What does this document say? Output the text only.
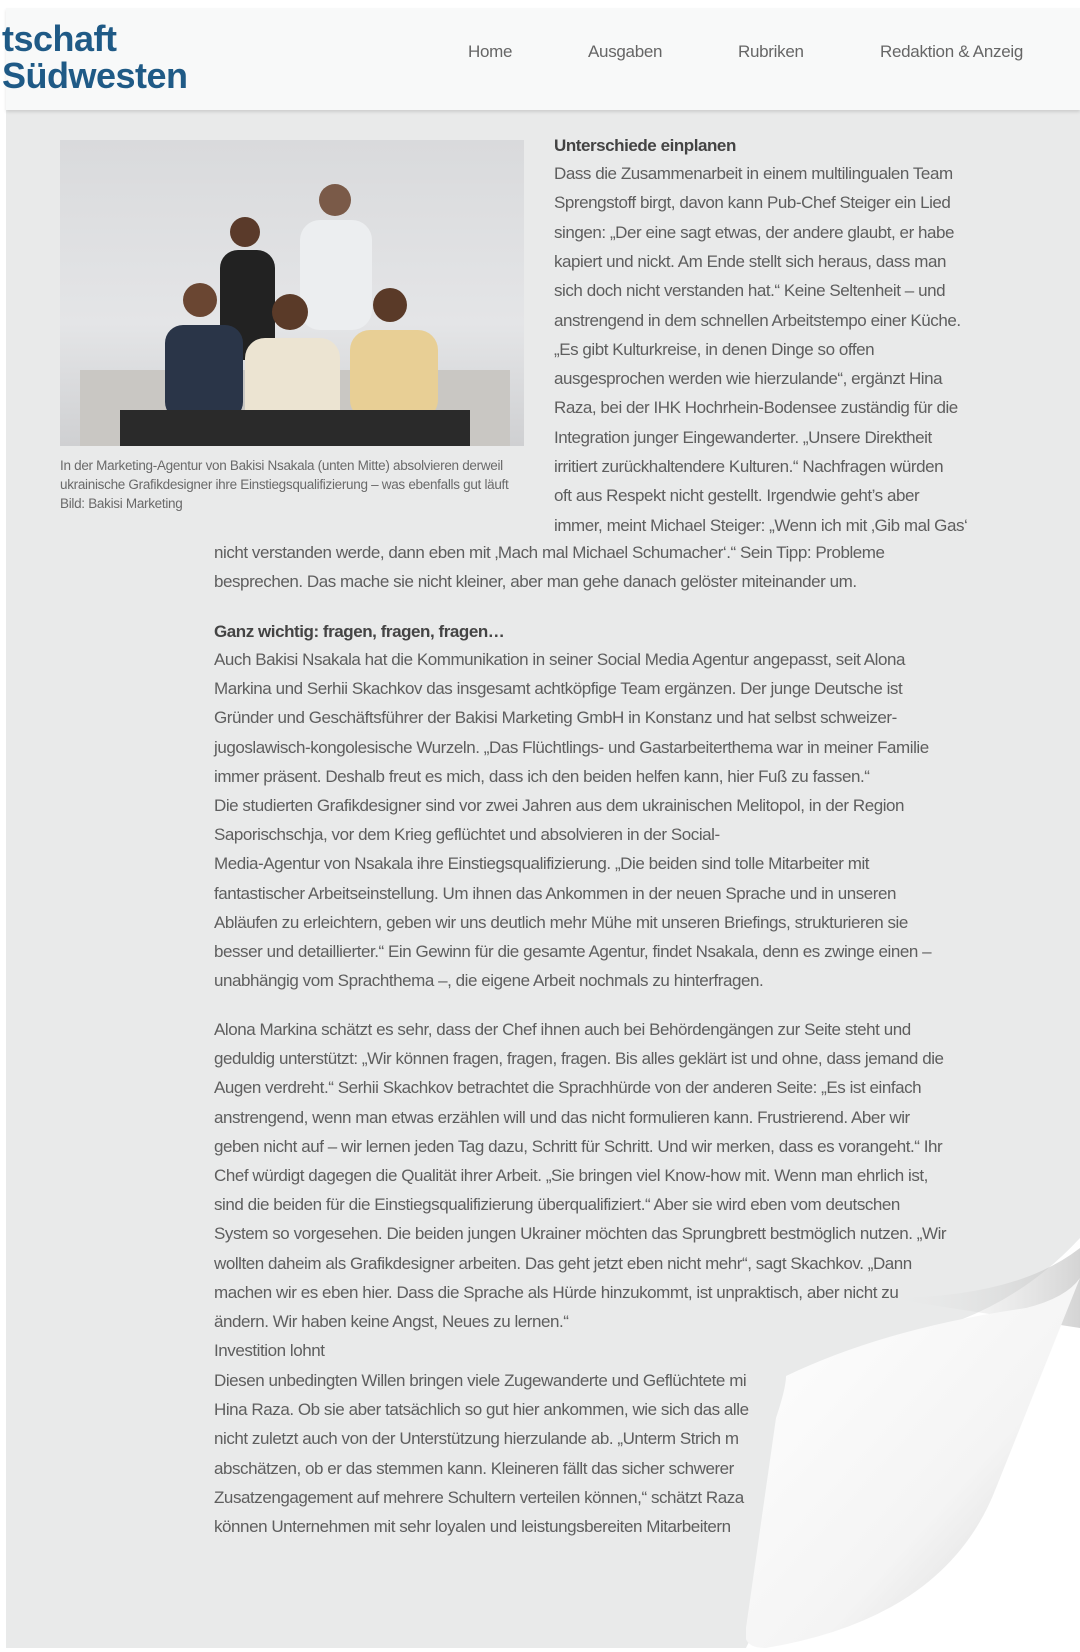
tschaft
Südwesten
Home	Ausgaben	Rubriken	Redaktion & Anzeig
In der Marketing-Agentur von Bakisi Nsakala (unten Mitte) absolvieren derweil ukrainische Grafikdesigner ihre Einstiegsqualifizierung – was ebenfalls gut läuft Bild: Bakisi Marketing
Unterschiede einplanen
Dass die Zusammenarbeit in einem multilingualen Team
Sprengstoff birgt, davon kann Pub-Chef Steiger ein Lied
singen: „Der eine sagt etwas, der andere glaubt, er habe
kapiert und nickt. Am Ende stellt sich heraus, dass man
sich doch nicht verstanden hat.“ Keine Seltenheit – und
anstrengend in dem schnellen Arbeitstempo einer Küche.
„Es gibt Kulturkreise, in denen Dinge so offen
ausgesprochen werden wie hierzulande“, ergänzt Hina
Raza, bei der IHK Hochrhein-Bodensee zuständig für die
Integration junger Eingewanderter. „Unsere Direktheit
irritiert zurückhaltendere Kulturen.“ Nachfragen würden
oft aus Respekt nicht gestellt. Irgendwie geht’s aber
immer, meint Michael Steiger: „Wenn ich mit ‚Gib mal Gas‘
nicht verstanden werde, dann eben mit ‚Mach mal Michael Schumacher‘.“ Sein Tipp: Probleme
besprechen. Das mache sie nicht kleiner, aber man gehe danach gelöster miteinander um.
Ganz wichtig: fragen, fragen, fragen…
Auch Bakisi Nsakala hat die Kommunikation in seiner Social Media Agentur angepasst, seit Alona
Markina und Serhii Skachkov das insgesamt achtköpfige Team ergänzen. Der junge Deutsche ist
Gründer und Geschäftsführer der Bakisi Marketing GmbH in Konstanz und hat selbst schweizer-
jugoslawisch-kongolesische Wurzeln. „Das Flüchtlings- und Gastarbeiterthema war in meiner Familie
immer präsent. Deshalb freut es mich, dass ich den beiden helfen kann, hier Fuß zu fassen.“
Die studierten Grafikdesigner sind vor zwei Jahren aus dem ukrainischen Melitopol, in der Region
Saporischschja, vor dem Krieg geflüchtet und absolvieren in der Social-
Media-Agentur von Nsakala ihre Einstiegsqualifizierung. „Die beiden sind tolle Mitarbeiter mit
fantastischer Arbeitseinstellung. Um ihnen das Ankommen in der neuen Sprache und in unseren
Abläufen zu erleichtern, geben wir uns deutlich mehr Mühe mit unseren Briefings, strukturieren sie
besser und detaillierter.“ Ein Gewinn für die gesamte Agentur, findet Nsakala, denn es zwinge einen –
unabhängig vom Sprachthema –, die eigene Arbeit nochmals zu hinterfragen.
Alona Markina schätzt es sehr, dass der Chef ihnen auch bei Behördengängen zur Seite steht und
geduldig unterstützt: „Wir können fragen, fragen, fragen. Bis alles geklärt ist und ohne, dass jemand die
Augen verdreht.“ Serhii Skachkov betrachtet die Sprachhürde von der anderen Seite: „Es ist einfach
anstrengend, wenn man etwas erzählen will und das nicht formulieren kann. Frustrierend. Aber wir
geben nicht auf – wir lernen jeden Tag dazu, Schritt für Schritt. Und wir merken, dass es vorangeht.“ Ihr
Chef würdigt dagegen die Qualität ihrer Arbeit. „Sie bringen viel Know-how mit. Wenn man ehrlich ist,
sind die beiden für die Einstiegsqualifizierung überqualifiziert.“ Aber sie wird eben vom deutschen
System so vorgesehen. Die beiden jungen Ukrainer möchten das Sprungbrett bestmöglich nutzen. „Wir
wollten daheim als Grafikdesigner arbeiten. Das geht jetzt eben nicht mehr“, sagt Skachkov. „Dann
machen wir es eben hier. Dass die Sprache als Hürde hinzukommt, ist unpraktisch, aber nicht zu
ändern. Wir haben keine Angst, Neues zu lernen.“
Investition lohnt
Diesen unbedingten Willen bringen viele Zugewanderte und Geflüchtete mi
Hina Raza. Ob sie aber tatsächlich so gut hier ankommen, wie sich das alle
nicht zuletzt auch von der Unterstützung hierzulande ab. „Unterm Strich m
abschätzen, ob er das stemmen kann. Kleineren fällt das sicher schwerer
Zusatzengagement auf mehrere Schultern verteilen können,“ schätzt Raza
können Unternehmen mit sehr loyalen und leistungsbereiten Mitarbeitern
